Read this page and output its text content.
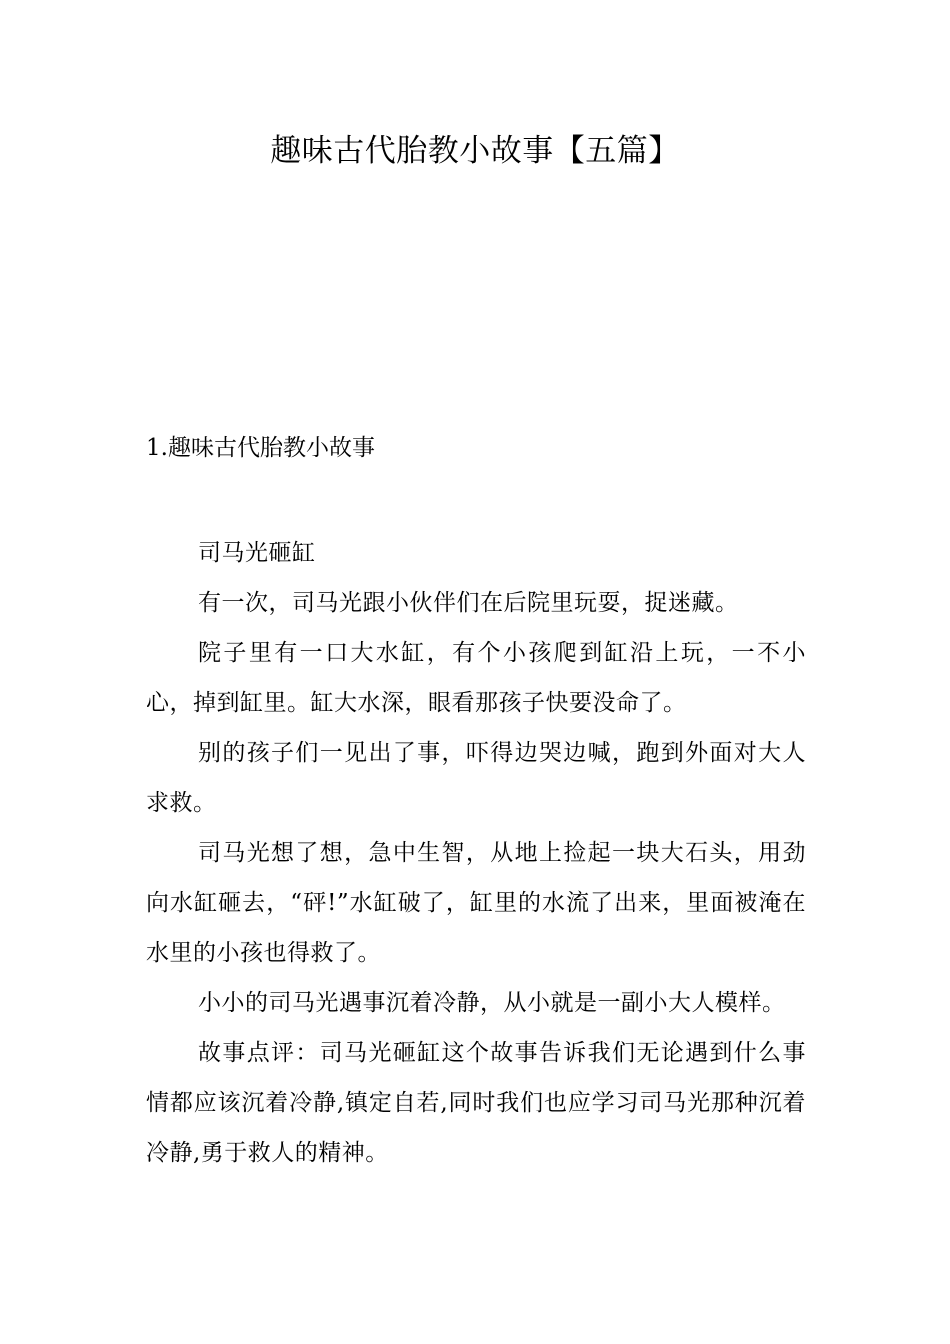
趣味古代胎教小故事【五篇】
1.趣味古代胎教小故事

司马光砸缸

有一次，司马光跟小伙伴们在后院里玩耍，捉迷藏。

院子里有一口大水缸，有个小孩爬到缸沿上玩，一不小心，掉到缸里。缸大水深，眼看那孩子快要没命了。

别的孩子们一见出了事，吓得边哭边喊，跑到外面对大人求救。

司马光想了想，急中生智，从地上捡起一块大石头，用劲向水缸砸去，“砰!”水缸破了，缸里的水流了出来，里面被淹在水里的小孩也得救了。

小小的司马光遇事沉着冷静，从小就是一副小大人模样。

故事点评：司马光砸缸这个故事告诉我们无论遇到什么事情都应该沉着冷静,镇定自若,同时我们也应学习司马光那种沉着冷静,勇于救人的精神。
